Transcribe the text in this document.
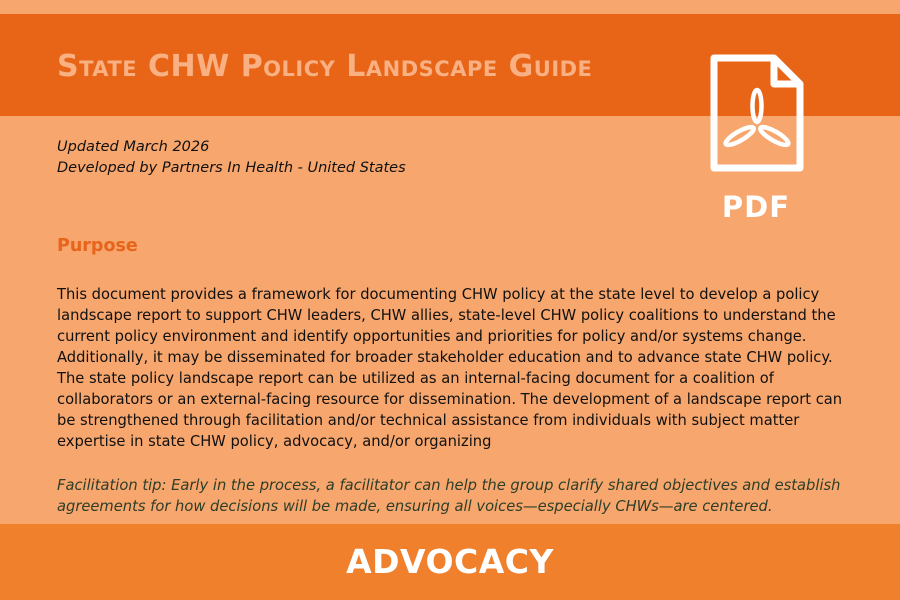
State CHW Policy Landscape Guide
Updated March 2026
Developed by Partners In Health - United States
PDF
Purpose

This document provides a framework for documenting CHW policy at the state level to develop a policy landscape report to support CHW leaders, CHW allies, state-level CHW policy coalitions to understand the current policy environment and identify opportunities and priorities for policy and/or systems change. Additionally, it may be disseminated for broader stakeholder education and to advance state CHW policy. The state policy landscape report can be utilized as an internal-facing document for a coalition of collaborators or an external-facing resource for dissemination. The development of a landscape report can be strengthened through facilitation and/or technical assistance from individuals with subject matter expertise in state CHW policy, advocacy, and/or organizing

Facilitation tip: Early in the process, a facilitator can help the group clarify shared objectives and establish agreements for how decisions will be made, ensuring all voices—especially CHWs—are centered.

ADVOCACY
